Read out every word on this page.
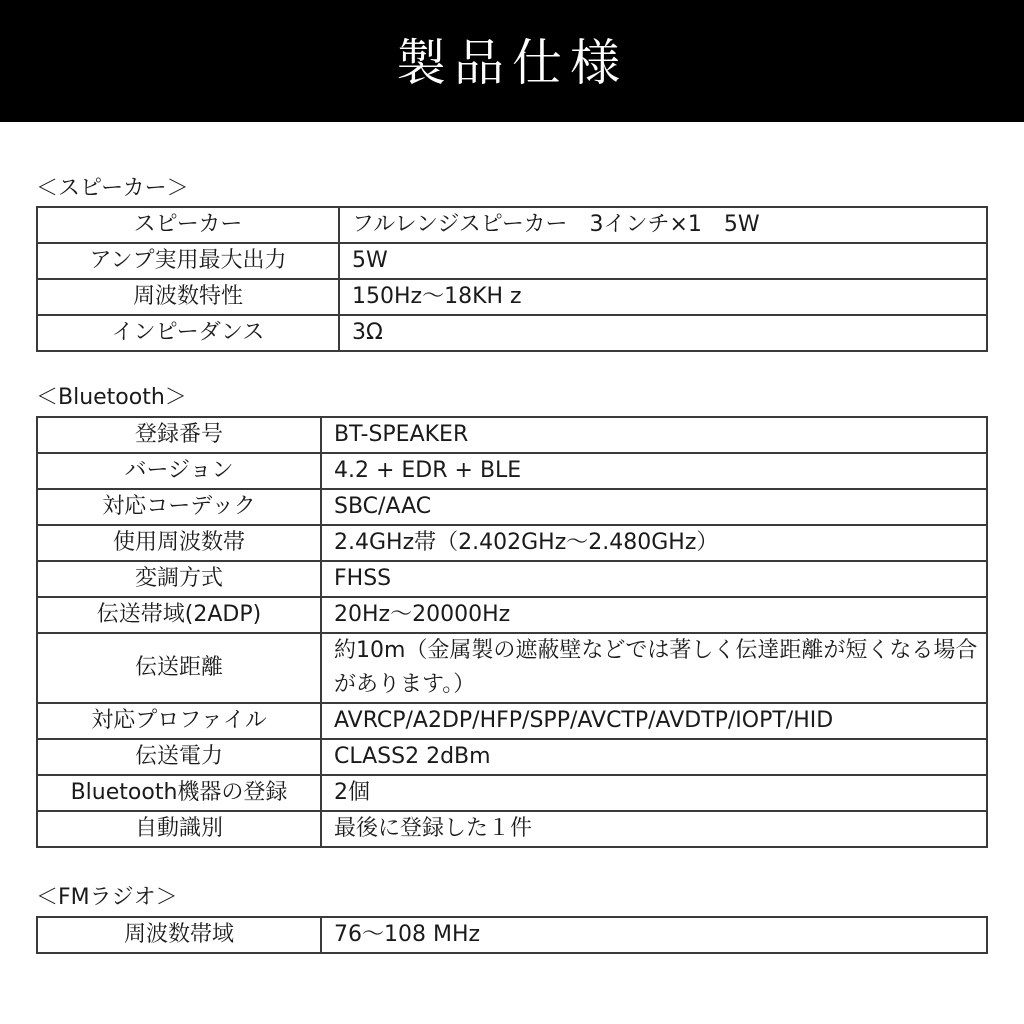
製品仕様
＜スピーカー＞
スピーカー	フルレンジスピーカー　3インチ×1　5W
アンプ実用最大出力	5W
周波数特性	150Hz～18KH z
インピーダンス	3Ω
＜Bluetooth＞
登録番号	BT-SPEAKER
バージョン	4.2 + EDR + BLE
対応コーデック	SBC/AAC
使用周波数帯	2.4GHz帯（2.402GHz～2.480GHz）
変調方式	FHSS
伝送帯域(2ADP)	20Hz～20000Hz
伝送距離	約10m（金属製の遮蔽壁などでは著しく伝達距離が短くなる場合があります。）
対応プロファイル	AVRCP/A2DP/HFP/SPP/AVCTP/AVDTP/IOPT/HID
伝送電力	CLASS2 2dBm
Bluetooth機器の登録	2個
自動識別	最後に登録した１件
＜FMラジオ＞
周波数帯域	76～108 MHz
